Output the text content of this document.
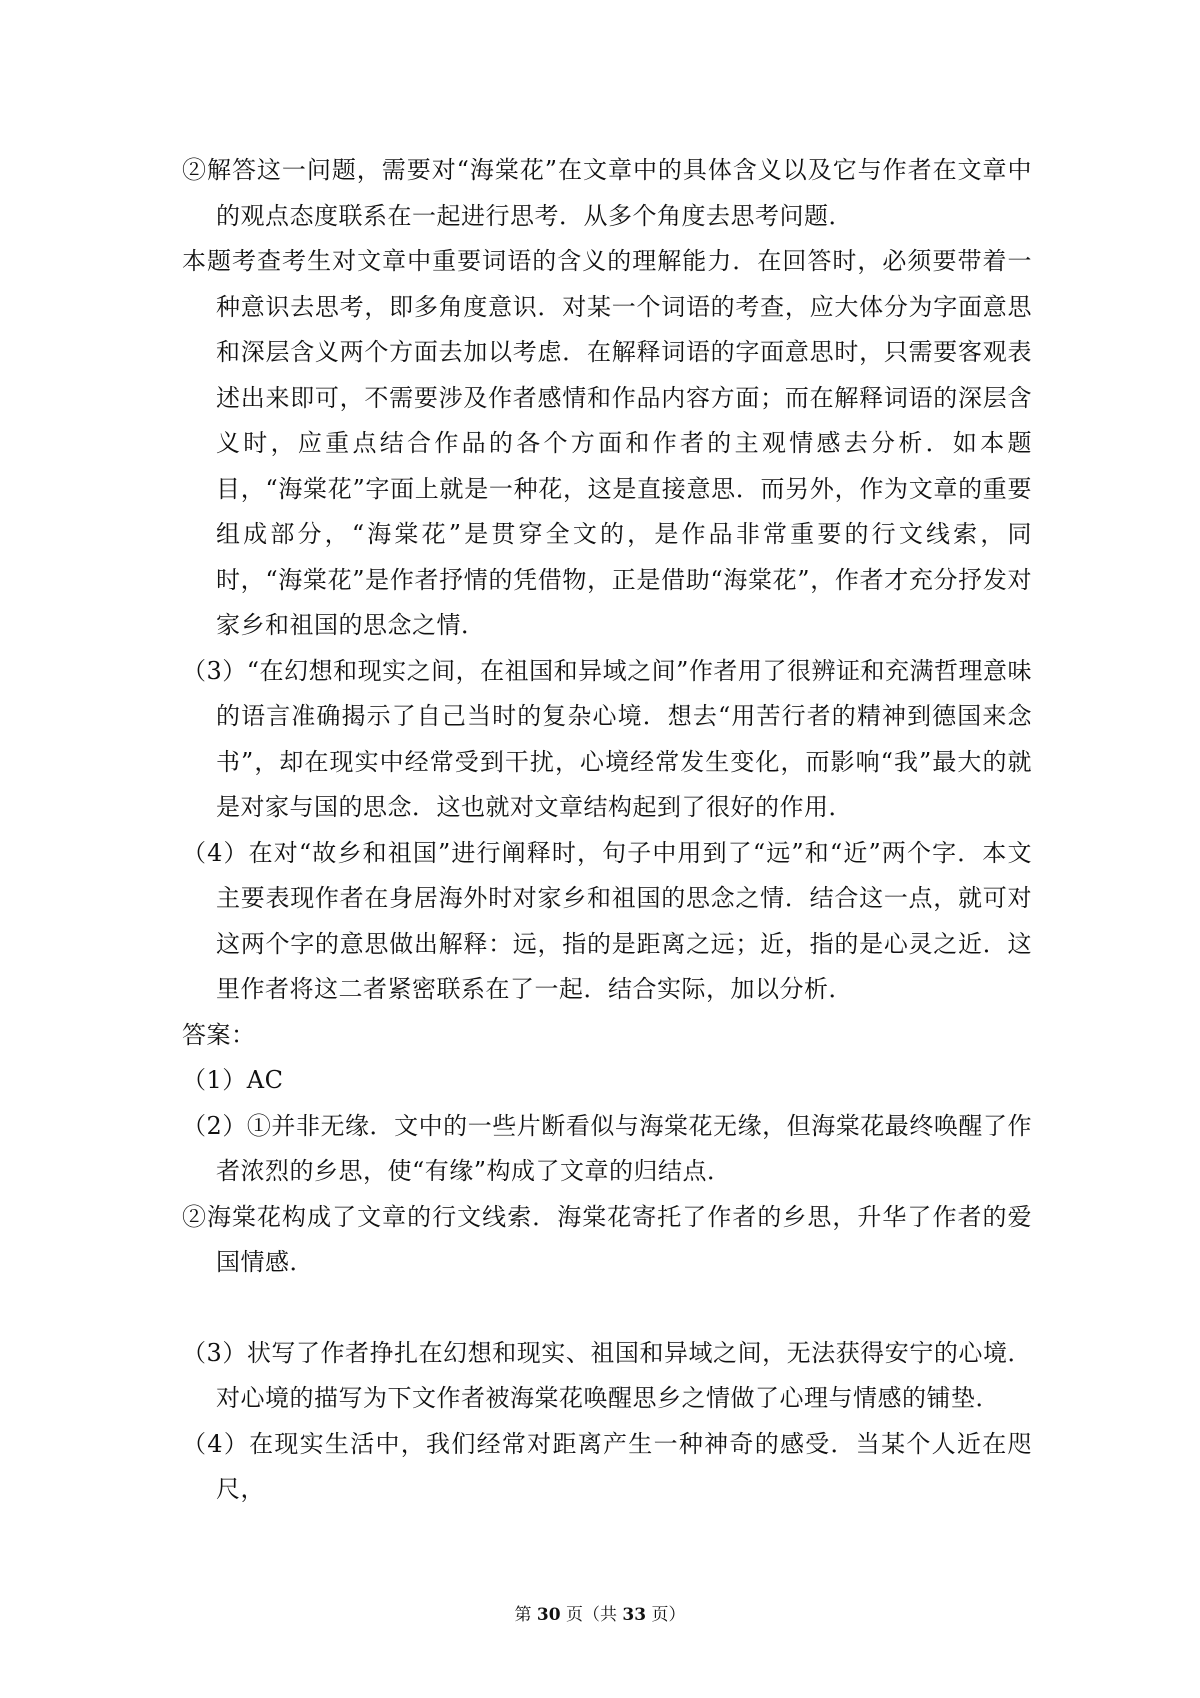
②解答这一问题，需要对“海棠花”在文章中的具体含义以及它与作者在文章中的观点态度联系在一起进行思考．从多个角度去思考问题．

本题考查考生对文章中重要词语的含义的理解能力．在回答时，必须要带着一种意识去思考，即多角度意识．对某一个词语的考查，应大体分为字面意思和深层含义两个方面去加以考虑．在解释词语的字面意思时，只需要客观表述出来即可，不需要涉及作者感情和作品内容方面；而在解释词语的深层含义时，应重点结合作品的各个方面和作者的主观情感去分析．如本题目，“海棠花”字面上就是一种花，这是直接意思．而另外，作为文章的重要组成部分，“海棠花”是贯穿全文的，是作品非常重要的行文线索，同时，“海棠花”是作者抒情的凭借物，正是借助“海棠花”，作者才充分抒发对家乡和祖国的思念之情．

（3）“在幻想和现实之间，在祖国和异域之间”作者用了很辨证和充满哲理意味的语言准确揭示了自己当时的复杂心境．想去“用苦行者的精神到德国来念书”，却在现实中经常受到干扰，心境经常发生变化，而影响“我”最大的就是对家与国的思念．这也就对文章结构起到了很好的作用．

（4）在对“故乡和祖国”进行阐释时，句子中用到了“远”和“近”两个字．本文主要表现作者在身居海外时对家乡和祖国的思念之情．结合这一点，就可对这两个字的意思做出解释：远，指的是距离之远；近，指的是心灵之近．这里作者将这二者紧密联系在了一起．结合实际，加以分析．

答案：

（1）AC

（2）①并非无缘．文中的一些片断看似与海棠花无缘，但海棠花最终唤醒了作者浓烈的乡思，使“有缘”构成了文章的归结点．

②海棠花构成了文章的行文线索．海棠花寄托了作者的乡思，升华了作者的爱国情感．

（3）状写了作者挣扎在幻想和现实、祖国和异域之间，无法获得安宁的心境．对心境的描写为下文作者被海棠花唤醒思乡之情做了心理与情感的铺垫．

（4）在现实生活中，我们经常对距离产生一种神奇的感受．当某个人近在咫尺，

第 30 页（共 33 页）
